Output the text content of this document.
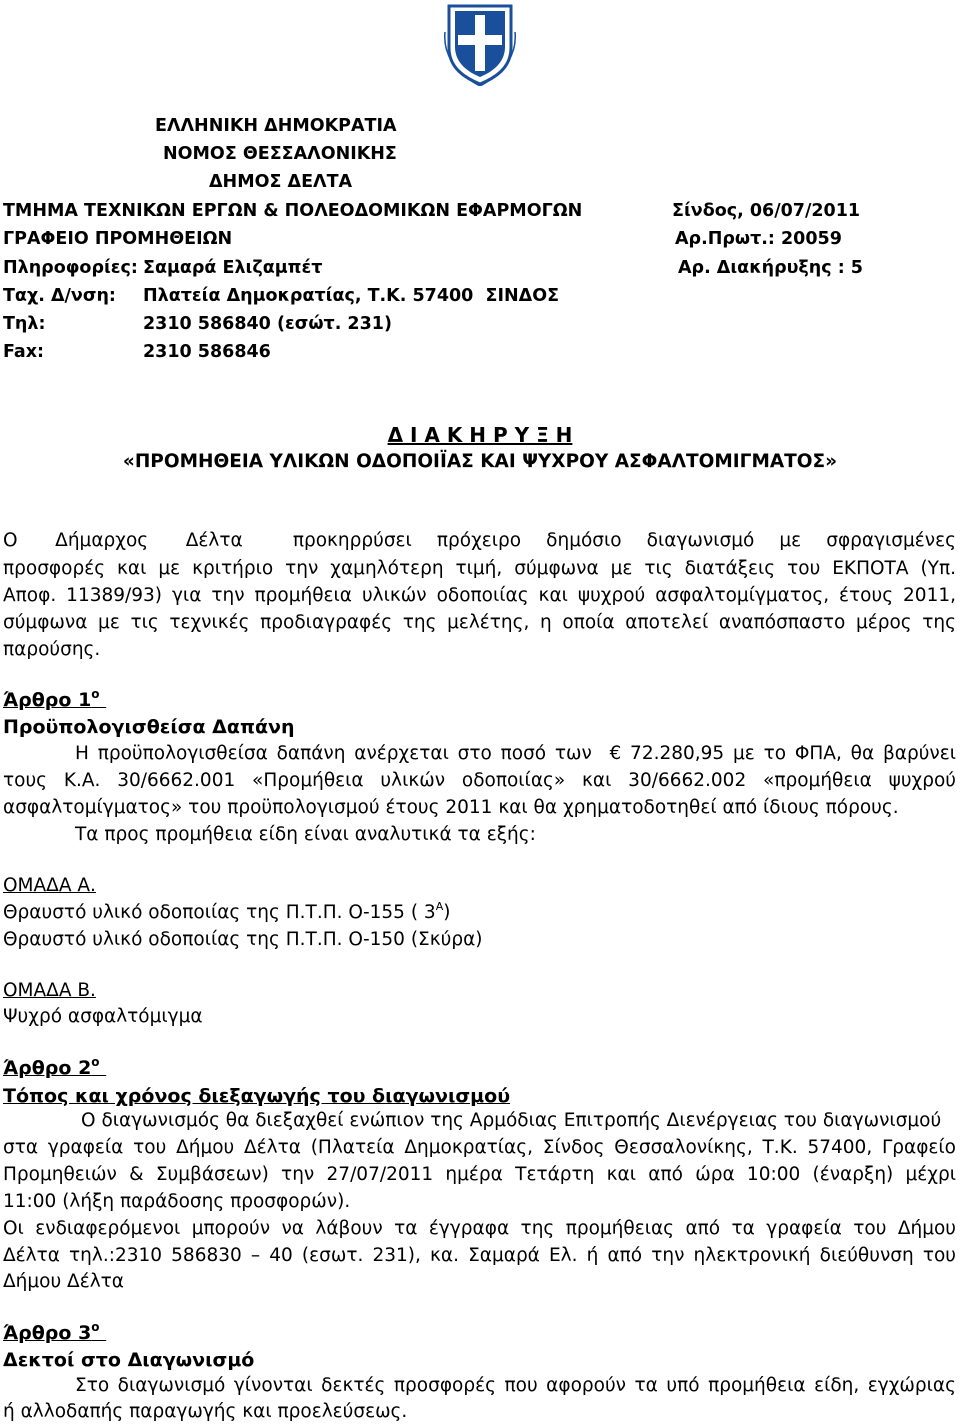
ΕΛΛΗΝΙΚΗ ΔΗΜΟΚΡΑΤΙΑ
ΝΟΜΟΣ ΘΕΣΣΑΛΟΝΙΚΗΣ
ΔΗΜΟΣ ΔΕΛΤΑ
ΤΜΗΜΑ ΤΕΧΝΙΚΩΝ ΕΡΓΩΝ & ΠΟΛΕΟΔΟΜΙΚΩΝ ΕΦΑΡΜΟΓΩΝ
ΓΡΑΦΕΙΟ ΠΡΟΜΗΘΕΙΩΝ
Πληροφορίες: Σαμαρά Ελιζαμπέτ
Ταχ. Δ/νση: Πλατεία Δημοκρατίας, Τ.Κ. 57400  ΣΙΝΔΟΣ
Τηλ:	2310 586840 (εσώτ. 231)
Fax:	2310 586846
Σίνδος, 06/07/2011
Αρ.Πρωτ.: 20059
Αρ. Διακήρυξης : 5
Δ Ι Α Κ Η Ρ Υ Ξ Η
«ΠΡΟΜΗΘΕΙΑ ΥΛΙΚΩΝ ΟΔΟΠΟΙΪΑΣ ΚΑΙ ΨΥΧΡΟΥ ΑΣΦΑΛΤΟΜΙΓΜΑΤΟΣ»
Ο   Δήμαρχος   Δέλτα    προκηρρύσει  πρόχειρο  δημόσιο  διαγωνισμό  με  σφραγισμένες
προσφορές και με κριτήριο την χαμηλότερη τιμή, σύμφωνα με τις διατάξεις του ΕΚΠΟΤΑ (Υπ.
Αποφ. 11389/93) για την προμήθεια υλικών οδοποιίας και ψυχρού ασφαλτομίγματος, έτους 2011,
σύμφωνα με τις τεχνικές προδιαγραφές της μελέτης, η οποία αποτελεί αναπόσπαστο μέρος της
παρούσης.
Άρθρο $1^o$
Προϋπολογισθείσα Δαπάνη
Η προϋπολογισθείσα δαπάνη ανέρχεται στο ποσό των  € 72.280,95 με το ΦΠΑ, θα βαρύνει
τους  Κ.Α.  30/6662.001  «Προμήθεια  υλικών  οδοποιίας»  και  30/6662.002  «προμήθεια  ψυχρού
ασφαλτομίγματος» του προϋπολογισμού έτους 2011 και θα χρηματοδοτηθεί από ίδιους πόρους.
Τα προς προμήθεια είδη είναι αναλυτικά τα εξής:
ΟΜΑΔΑ Α.
Θραυστό υλικό οδοποιίας της Π.Τ.Π. Ο-155 ( $3^A$)
Θραυστό υλικό οδοποιίας της Π.Τ.Π. Ο-150 (Σκύρα)
ΟΜΑΔΑ Β.
Ψυχρό ασφαλτόμιγμα
Άρθρο $2^o$
Τόπος και χρόνος διεξαγωγής του διαγωνισμού
Ο διαγωνισμός θα διεξαχθεί ενώπιον της Αρμόδιας Επιτροπής Διενέργειας του διαγωνισμού
στα γραφεία του Δήμου Δέλτα (Πλατεία Δημοκρατίας, Σίνδος Θεσσαλονίκης, Τ.Κ. 57400, Γραφείο
Προμηθειών & Συμβάσεων) την 27/07/2011 ημέρα Τετάρτη και από ώρα 10:00 (έναρξη) μέχρι
11:00 (λήξη παράδοσης προσφορών).
Οι ενδιαφερόμενοι μπορούν να λάβουν τα έγγραφα της προμήθειας από τα γραφεία του Δήμου
Δέλτα τηλ.:2310 586830 – 40 (εσωτ. 231), κα. Σαμαρά Ελ. ή από την ηλεκτρονική διεύθυνση του
Δήμου Δέλτα
Άρθρο $3^o$
Δεκτοί στο Διαγωνισμό
Στο διαγωνισμό γίνονται δεκτές προσφορές που αφορούν τα υπό προμήθεια είδη, εγχώριας
ή αλλοδαπής παραγωγής και προελεύσεως.
